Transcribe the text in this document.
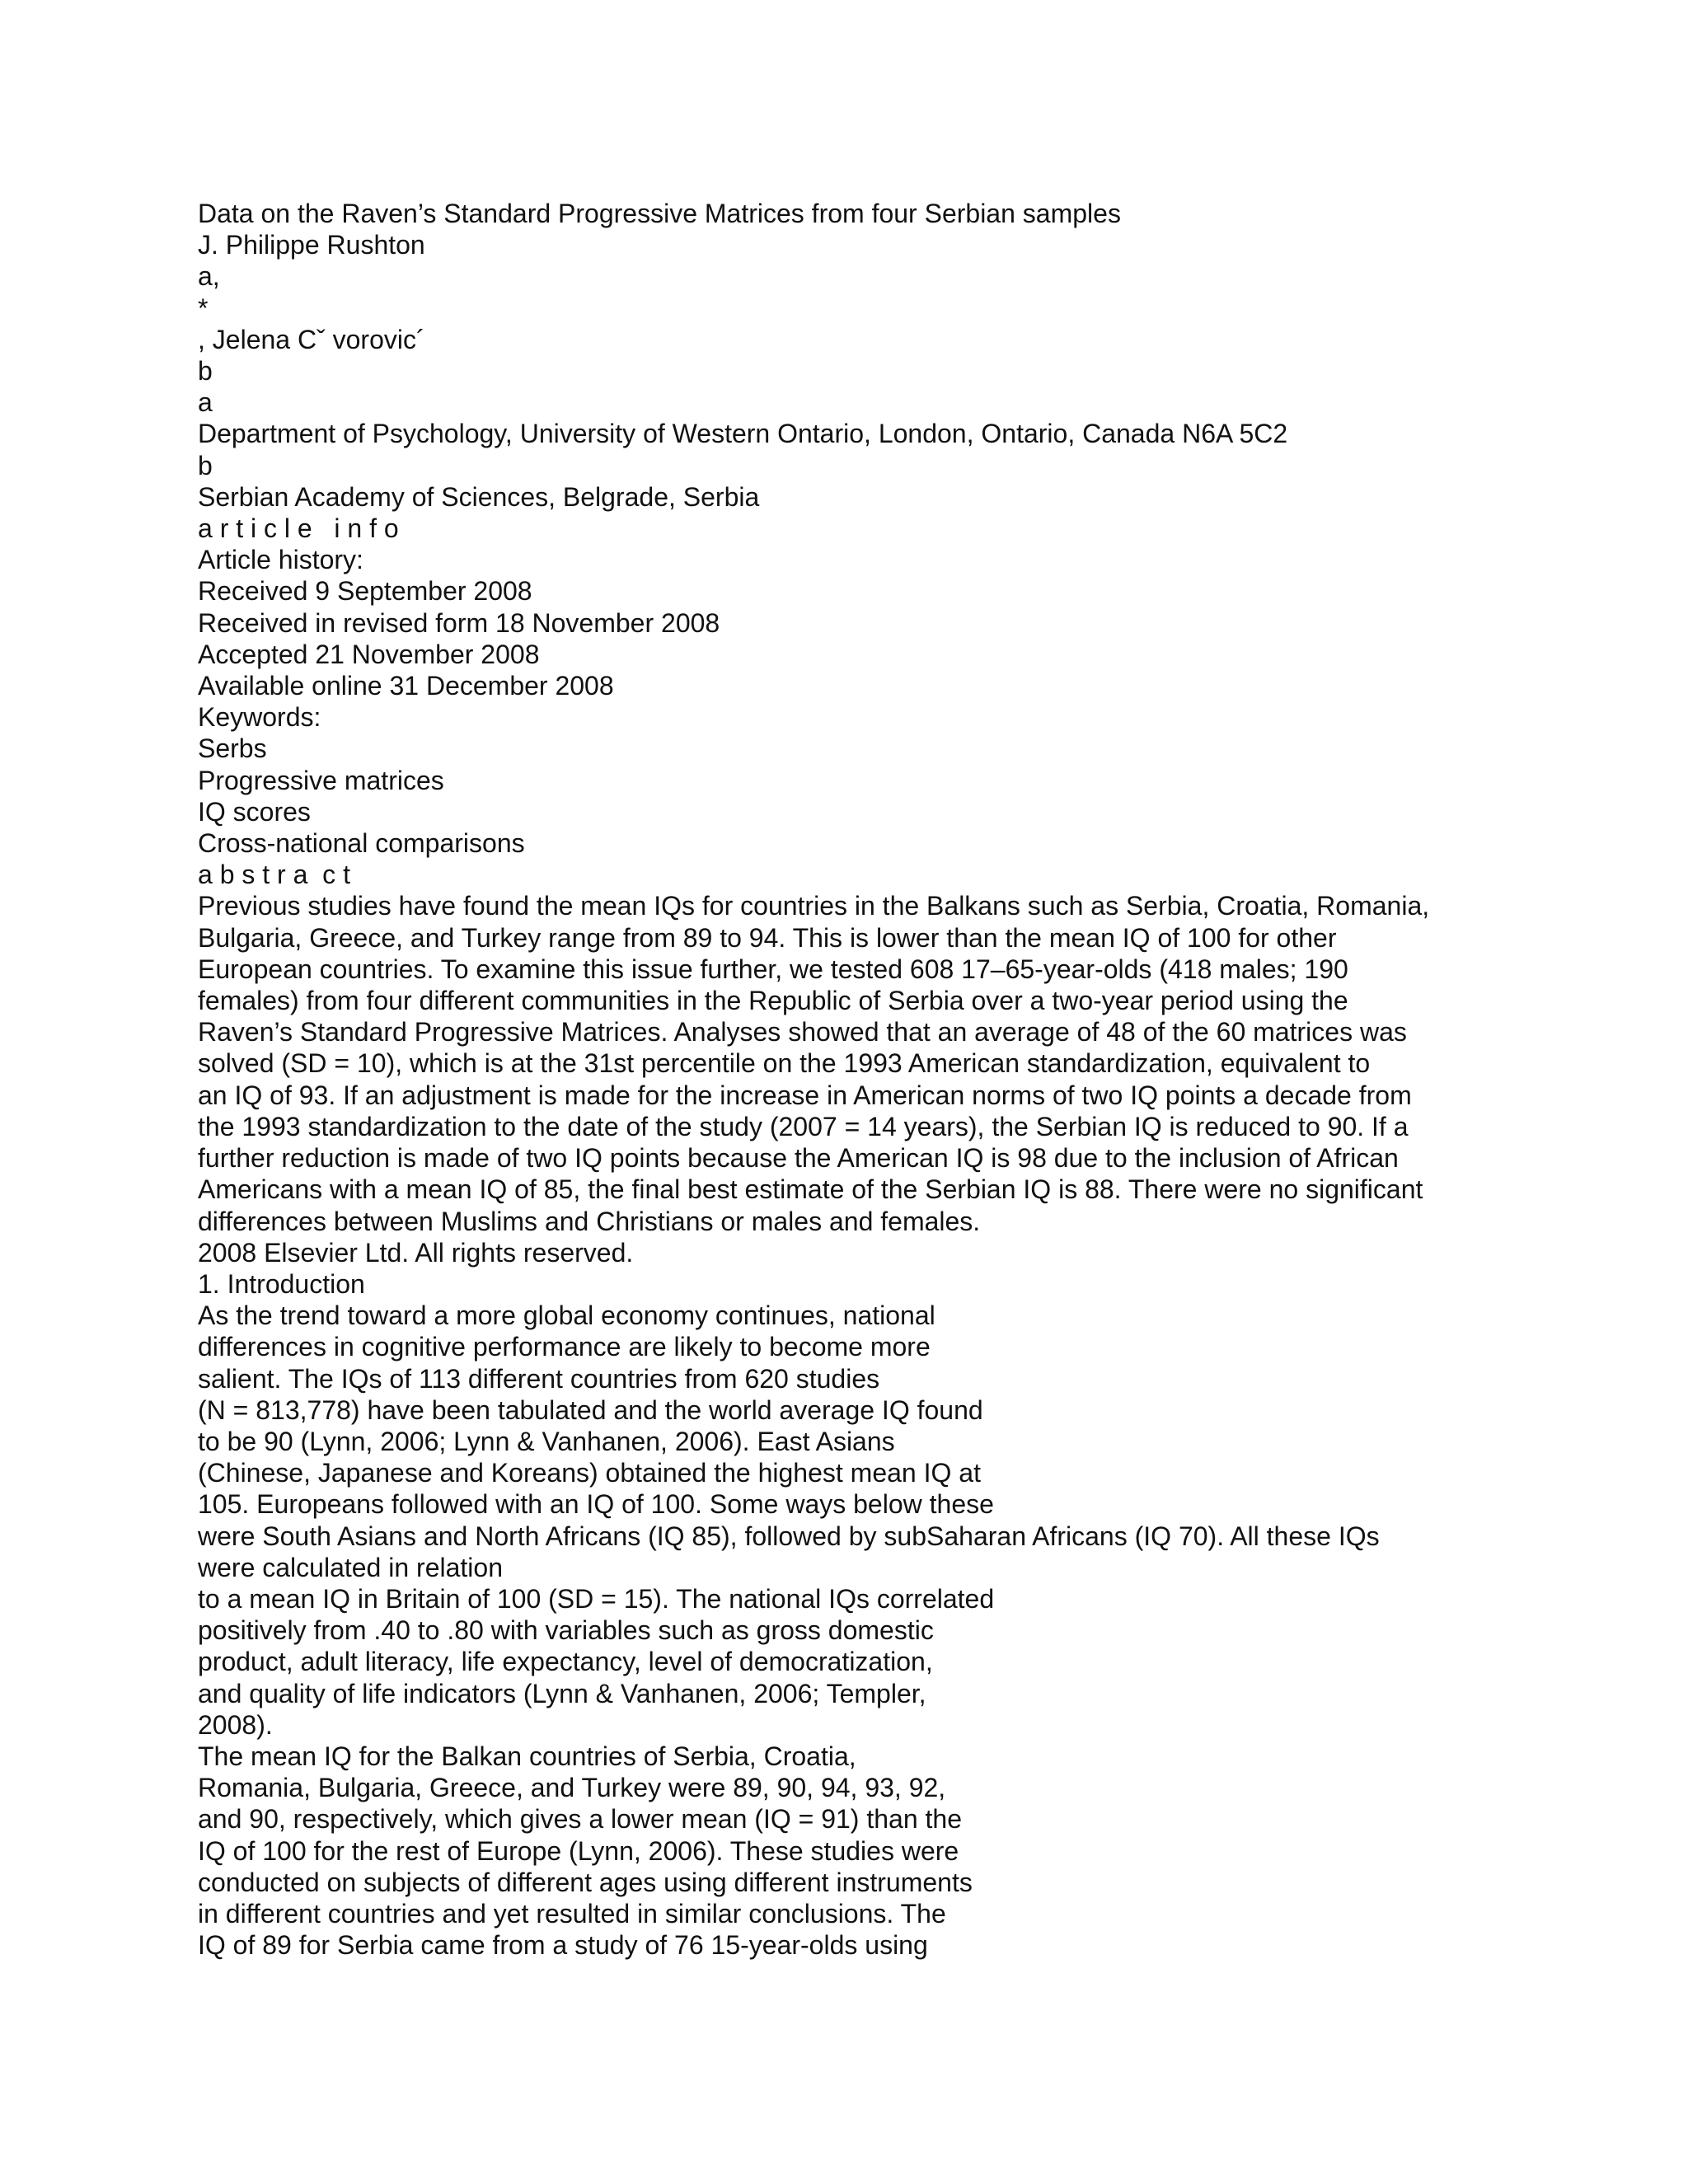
Data on the Raven’s Standard Progressive Matrices from four Serbian samples
J. Philippe Rushton
a,
*
, Jelena Cˇ vorovic´
b
a
Department of Psychology, University of Western Ontario, London, Ontario, Canada N6A 5C2
b
Serbian Academy of Sciences, Belgrade, Serbia
a r t i c l e   i n f o
Article history:
Received 9 September 2008
Received in revised form 18 November 2008
Accepted 21 November 2008
Available online 31 December 2008
Keywords:
Serbs
Progressive matrices
IQ scores
Cross-national comparisons
a b s t r a  c t
Previous studies have found the mean IQs for countries in the Balkans such as Serbia, Croatia, Romania,
Bulgaria, Greece, and Turkey range from 89 to 94. This is lower than the mean IQ of 100 for other
European countries. To examine this issue further, we tested 608 17–65-year-olds (418 males; 190
females) from four different communities in the Republic of Serbia over a two-year period using the
Raven’s Standard Progressive Matrices. Analyses showed that an average of 48 of the 60 matrices was
solved (SD = 10), which is at the 31st percentile on the 1993 American standardization, equivalent to
an IQ of 93. If an adjustment is made for the increase in American norms of two IQ points a decade from
the 1993 standardization to the date of the study (2007 = 14 years), the Serbian IQ is reduced to 90. If a
further reduction is made of two IQ points because the American IQ is 98 due to the inclusion of African
Americans with a mean IQ of 85, the final best estimate of the Serbian IQ is 88. There were no significant
differences between Muslims and Christians or males and females.
2008 Elsevier Ltd. All rights reserved.
1. Introduction
As the trend toward a more global economy continues, national
differences in cognitive performance are likely to become more
salient. The IQs of 113 different countries from 620 studies
(N = 813,778) have been tabulated and the world average IQ found
to be 90 (Lynn, 2006; Lynn & Vanhanen, 2006). East Asians
(Chinese, Japanese and Koreans) obtained the highest mean IQ at
105. Europeans followed with an IQ of 100. Some ways below these
were South Asians and North Africans (IQ 85), followed by subSaharan Africans (IQ 70). All these IQs
were calculated in relation
to a mean IQ in Britain of 100 (SD = 15). The national IQs correlated
positively from .40 to .80 with variables such as gross domestic
product, adult literacy, life expectancy, level of democratization,
and quality of life indicators (Lynn & Vanhanen, 2006; Templer,
2008).
The mean IQ for the Balkan countries of Serbia, Croatia,
Romania, Bulgaria, Greece, and Turkey were 89, 90, 94, 93, 92,
and 90, respectively, which gives a lower mean (IQ = 91) than the
IQ of 100 for the rest of Europe (Lynn, 2006). These studies were
conducted on subjects of different ages using different instruments
in different countries and yet resulted in similar conclusions. The
IQ of 89 for Serbia came from a study of 76 15-year-olds using
